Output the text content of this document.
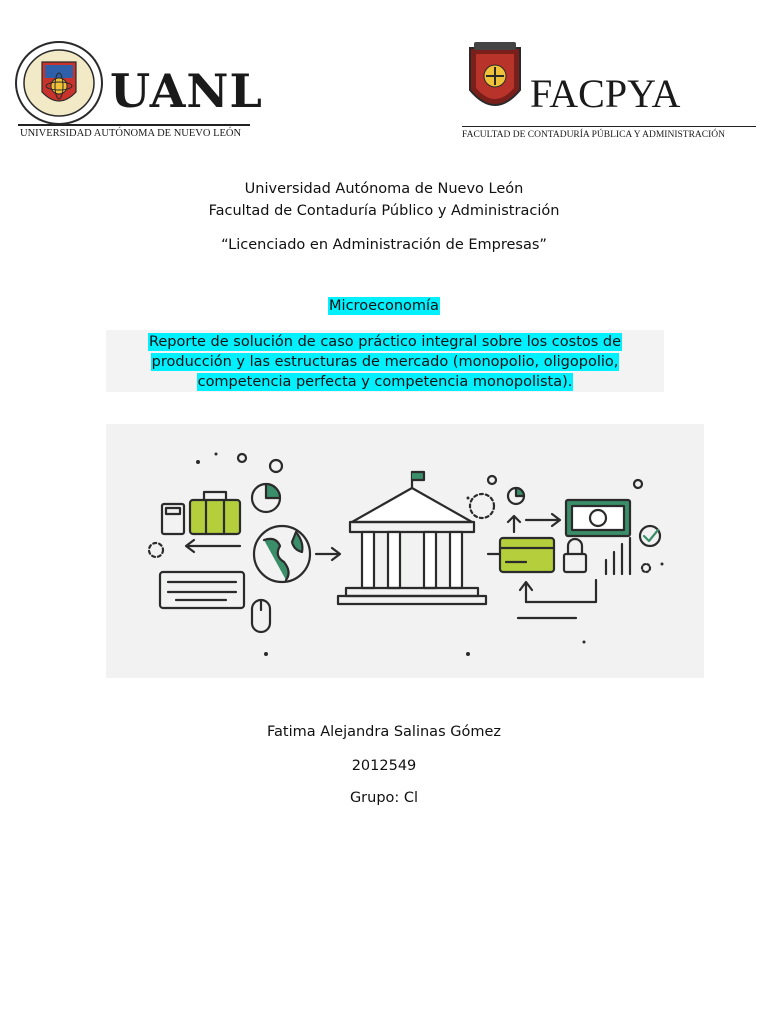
UANL
UNIVERSIDAD AUTÓNOMA DE NUEVO LEÓN
FACPYA
FACULTAD DE CONTADURÍA PÚBLICA Y ADMINISTRACIÓN
Universidad Autónoma de Nuevo León
Facultad de Contaduría Público y Administración
“Licenciado en Administración de Empresas”
Microeconomía
Reporte de solución de caso práctico integral sobre los costos de
producción y las estructuras de mercado (monopolio, oligopolio,
competencia perfecta y competencia monopolista).
Fatima Alejandra Salinas Gómez
2012549
Grupo: Cl
